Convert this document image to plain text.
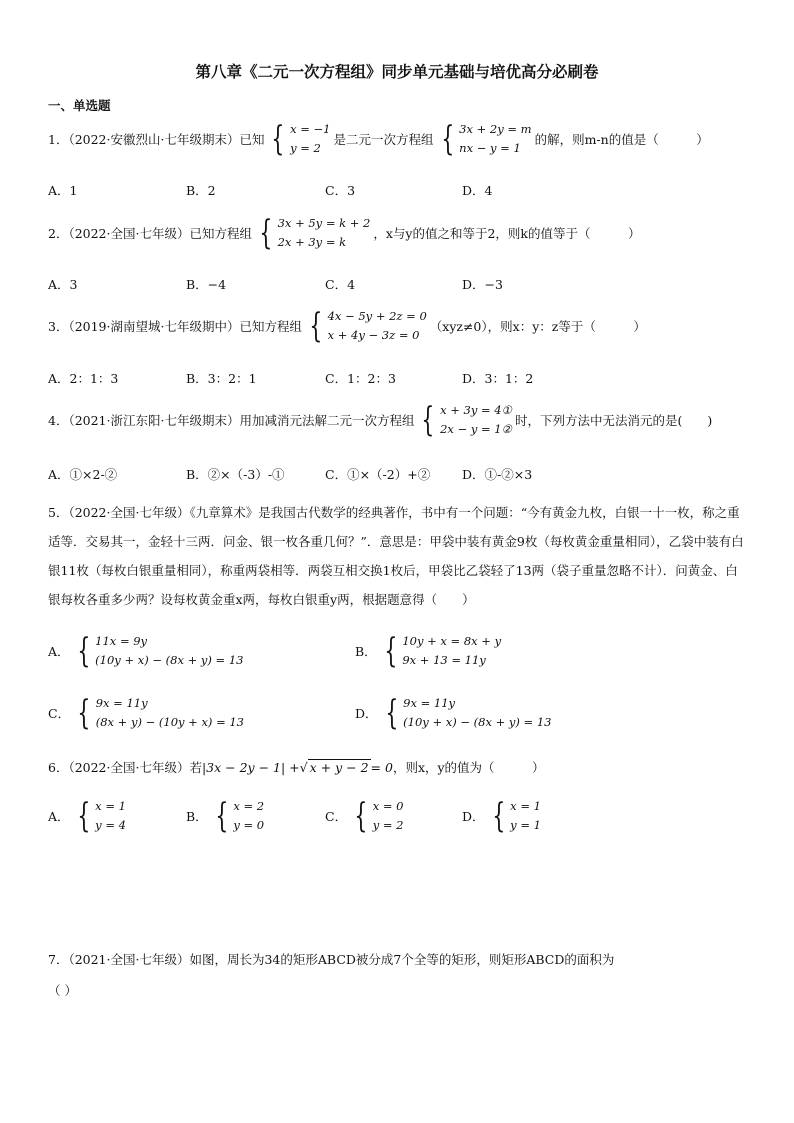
第八章《二元一次方程组》同步单元基础与培优高分必刷卷
一、单选题
1．（2022·安徽烈山·七年级期末）已知 { x = −1
y = 2
是二元一次方程组 { 3x + 2y = m
nx − y = 1
的解，则m-n的值是（　　　）
A．1	B．2	C．3	D．4
2．（2022·全国·七年级）已知方程组 { 3x + 5y = k + 2
2x + 3y = k
，x与y的值之和等于2，则k的值等于（　　　）
A．3	B．−4	C．4	D．−3
3．（2019·湖南望城·七年级期中）已知方程组 { 4x − 5y + 2z = 0
x + 4y − 3z = 0
（xyz≠0），则x：y：z等于（　　　）
A．2：1：3	B．3：2：1	C．1：2：3	D．3：1：2
4．（2021·浙江东阳·七年级期末）用加减消元法解二元一次方程组 { x + 3y = 4①
2x − y = 1②
时，下列方法中无法消元的是(　　)
A．①×2-②	B．②×（-3）-①	C．①×（-2）+②	D．①-②×3
5．（2022·全国·七年级）《九章算术》是我国古代数学的经典著作，书中有一个问题：“今有黄金九枚，白银一十一枚，称之重适等．交易其一，金轻十三两．问金、银一枚各重几何？”．意思是：甲袋中装有黄金9枚（每枚黄金重量相同），乙袋中装有白银11枚（每枚白银重量相同），称重两袋相等．两袋互相交换1枚后，甲袋比乙袋轻了13两（袋子重量忽略不计）．问黄金、白银每枚各重多少两？设每枚黄金重x两，每枚白银重y两，根据题意得（　　）
A． { 11x = 9y
(10y + x) − (8x + y) = 13
B． { 10y + x = 8x + y
9x + 13 = 11y
C． { 9x = 11y
(8x + y) − (10y + x) = 13
D． { 9x = 11y
(10y + x) − (8x + y) = 13
6．（2022·全国·七年级）若 |3x − 2y − 1| + √ x + y − 2 = 0 ，则x，y的值为（　　　）
A． { x = 1
y = 4
B． { x = 2
y = 0
C． { x = 0
y = 2
D． { x = 1
y = 1
7．（2021·全国·七年级）如图，周长为34的矩形ABCD被分成7个全等的矩形，则矩形ABCD的面积为
（ ）
